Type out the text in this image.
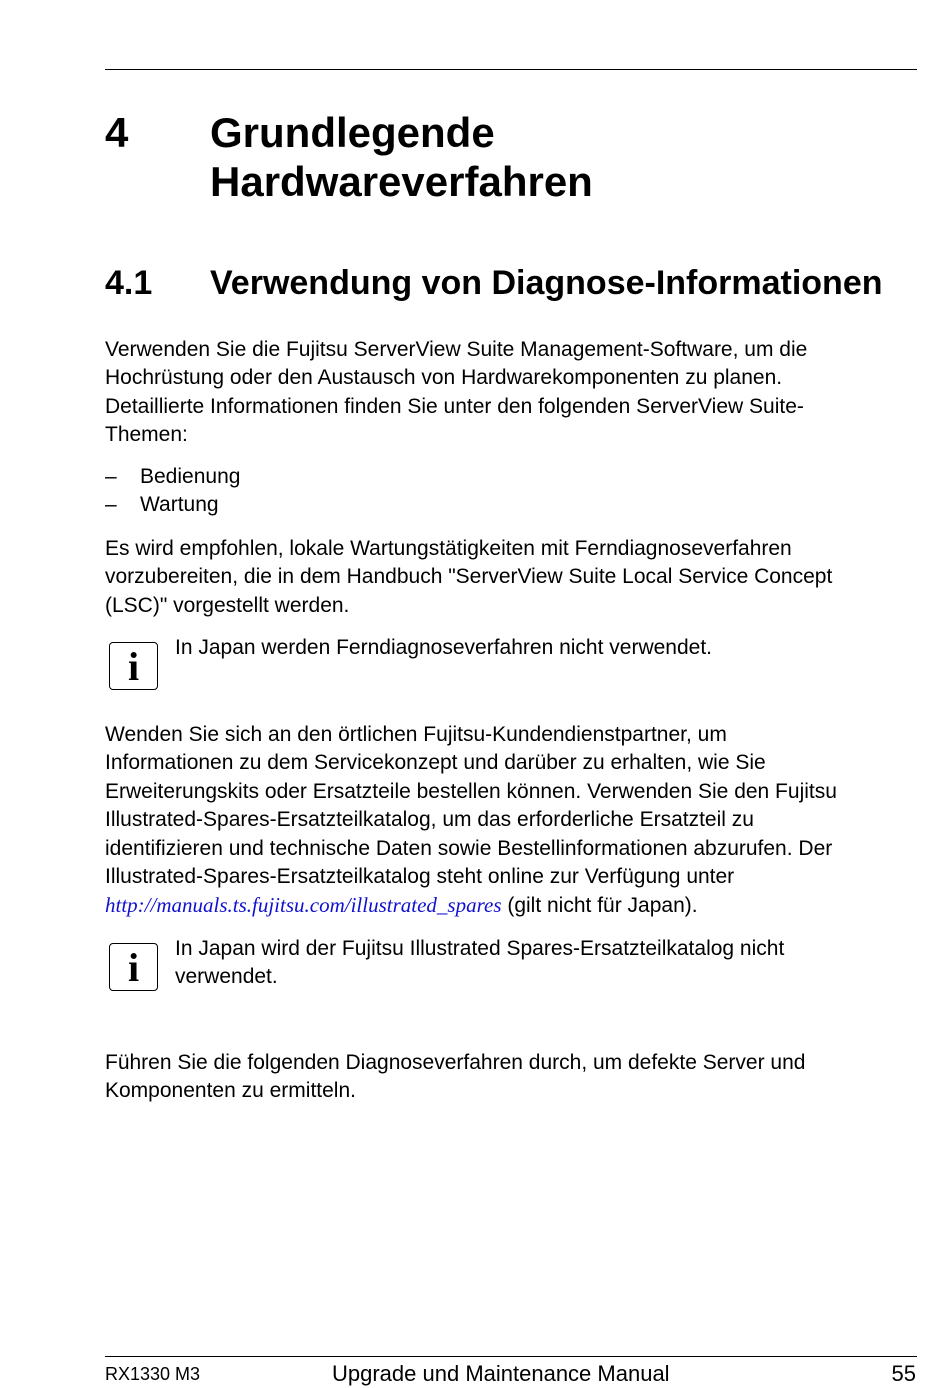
4 Grundlegende
Hardwareverfahren
4.1 Verwendung von Diagnose-Informationen
Verwenden Sie die Fujitsu ServerView Suite Management-Software, um die
Hochrüstung oder den Austausch von Hardwarekomponenten zu planen.
Detaillierte Informationen finden Sie unter den folgenden ServerView Suite-
Themen:
– Bedienung
– Wartung
Es wird empfohlen, lokale Wartungstätigkeiten mit Ferndiagnoseverfahren
vorzubereiten, die in dem Handbuch "ServerView Suite Local Service Concept
(LSC)" vorgestellt werden.
i	In Japan werden Ferndiagnoseverfahren nicht verwendet.
Wenden Sie sich an den örtlichen Fujitsu-Kundendienstpartner, um
Informationen zu dem Servicekonzept und darüber zu erhalten, wie Sie
Erweiterungskits oder Ersatzteile bestellen können. Verwenden Sie den Fujitsu
Illustrated-Spares-Ersatzteilkatalog, um das erforderliche Ersatzteil zu
identifizieren und technische Daten sowie Bestellinformationen abzurufen. Der
Illustrated-Spares-Ersatzteilkatalog steht online zur Verfügung unter
http://manuals.ts.fujitsu.com/illustrated_spares (gilt nicht für Japan).
i	In Japan wird der Fujitsu Illustrated Spares-Ersatzteilkatalog nicht
verwendet.
Führen Sie die folgenden Diagnoseverfahren durch, um defekte Server und
Komponenten zu ermitteln.
RX1330 M3	Upgrade und Maintenance Manual	55
